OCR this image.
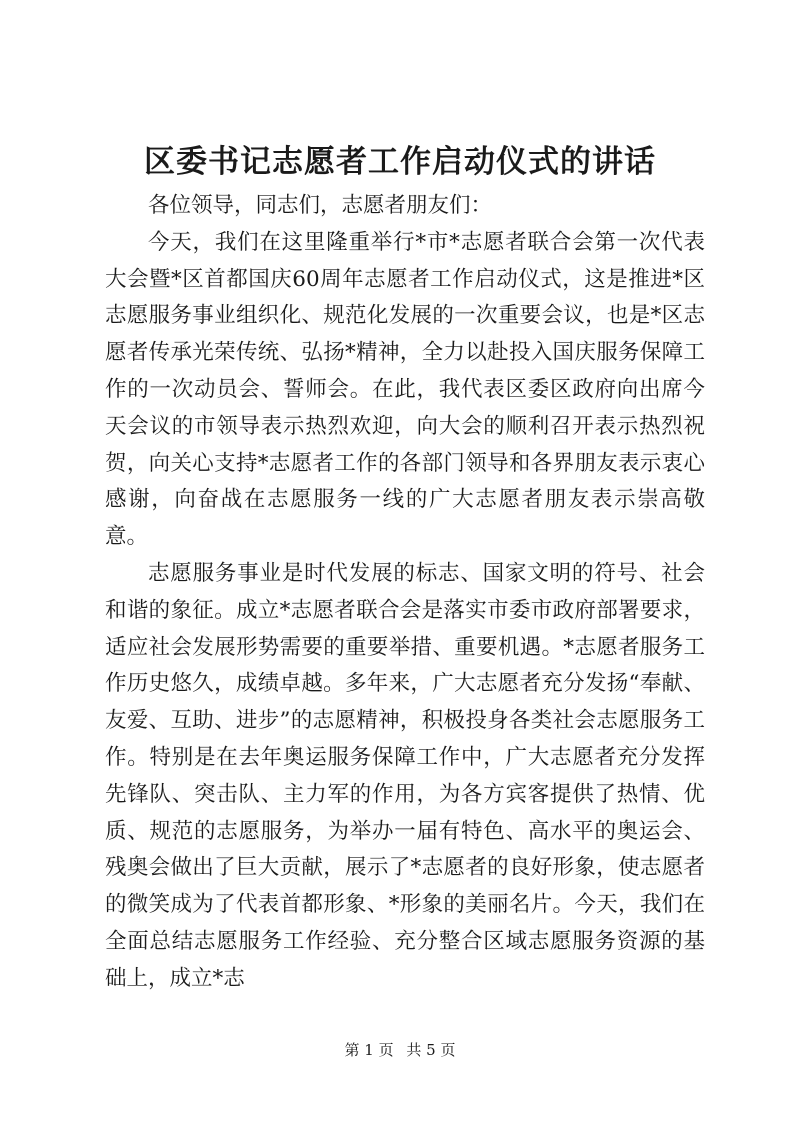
区委书记志愿者工作启动仪式的讲话

各位领导，同志们，志愿者朋友们：

今天，我们在这里隆重举行*市*志愿者联合会第一次代表大会暨*区首都国庆60周年志愿者工作启动仪式，这是推进*区志愿服务事业组织化、规范化发展的一次重要会议，也是*区志愿者传承光荣传统、弘扬*精神，全力以赴投入国庆服务保障工作的一次动员会、誓师会。在此，我代表区委区政府向出席今天会议的市领导表示热烈欢迎，向大会的顺利召开表示热烈祝贺，向关心支持*志愿者工作的各部门领导和各界朋友表示衷心感谢，向奋战在志愿服务一线的广大志愿者朋友表示崇高敬意。

志愿服务事业是时代发展的标志、国家文明的符号、社会和谐的象征。成立*志愿者联合会是落实市委市政府部署要求，适应社会发展形势需要的重要举措、重要机遇。*志愿者服务工作历史悠久，成绩卓越。多年来，广大志愿者充分发扬“奉献、友爱、互助、进步”的志愿精神，积极投身各类社会志愿服务工作。特别是在去年奥运服务保障工作中，广大志愿者充分发挥先锋队、突击队、主力军的作用，为各方宾客提供了热情、优质、规范的志愿服务，为举办一届有特色、高水平的奥运会、残奥会做出了巨大贡献，展示了*志愿者的良好形象，使志愿者的微笑成为了代表首都形象、*形象的美丽名片。今天，我们在全面总结志愿服务工作经验、充分整合区域志愿服务资源的基础上，成立*志

第 1 页 共 5 页
